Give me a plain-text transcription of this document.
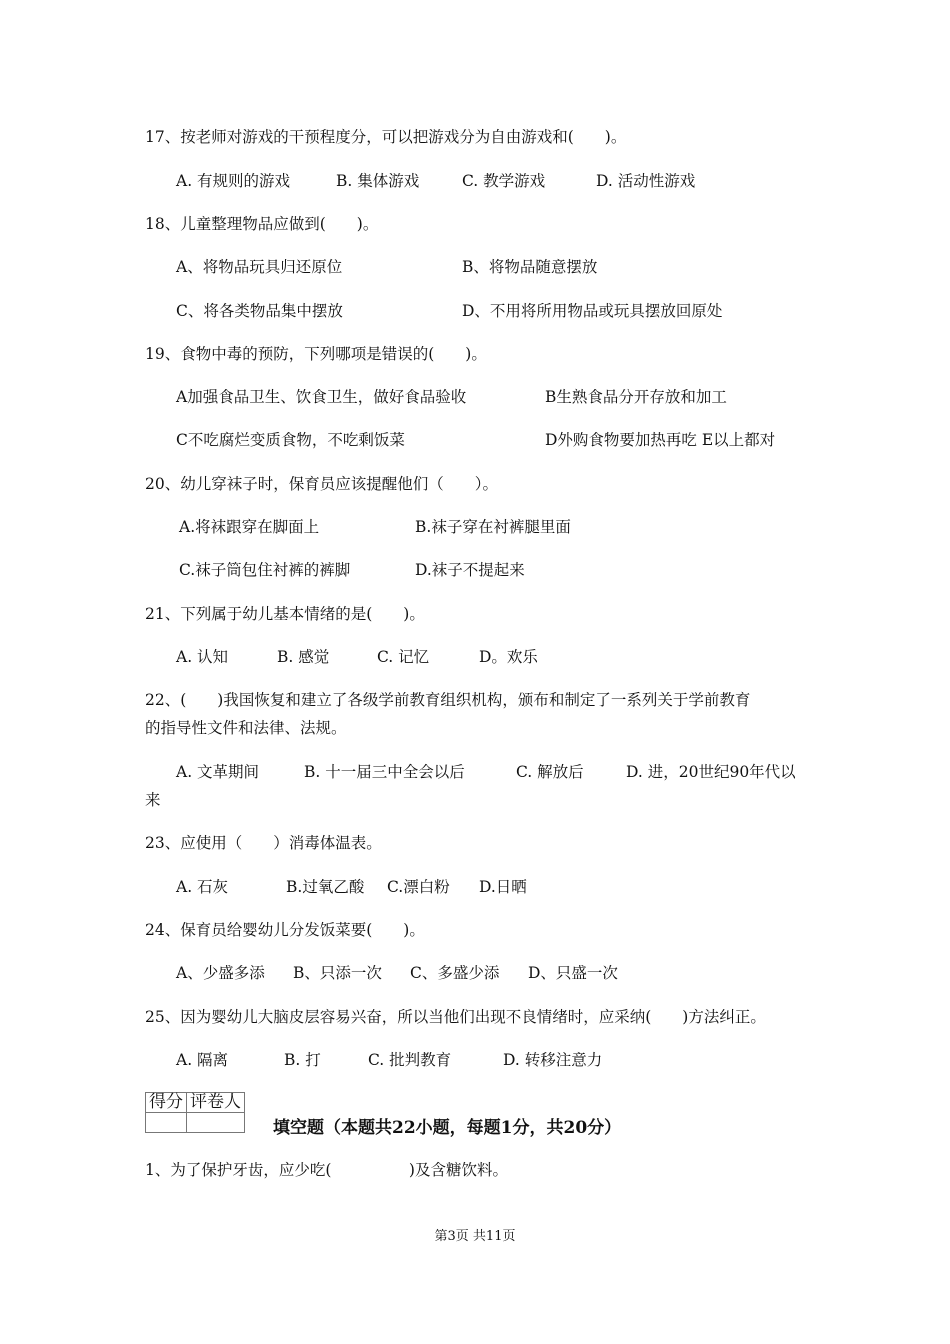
17、按老师对游戏的干预程度分，可以把游戏分为自由游戏和(　　)。
A. 有规则的游戏	B. 集体游戏	C. 教学游戏	D. 活动性游戏
18、儿童整理物品应做到(　　)。
A、将物品玩具归还原位	B、将物品随意摆放
C、将各类物品集中摆放	D、不用将所用物品或玩具摆放回原处
19、食物中毒的预防，下列哪项是错误的(　　)。
A加强食品卫生、饮食卫生，做好食品验收	B生熟食品分开存放和加工
C不吃腐烂变质食物，不吃剩饭菜	D外购食物要加热再吃 E以上都对
20、幼儿穿袜子时，保育员应该提醒他们（　　）。
A.将袜跟穿在脚面上	B.袜子穿在衬裤腿里面
C.袜子筒包住衬裤的裤脚	D.袜子不提起来
21、下列属于幼儿基本情绪的是(　　)。
A. 认知	B. 感觉	C. 记忆	D。欢乐
22、(　　)我国恢复和建立了各级学前教育组织机构，颁布和制定了一系列关于学前教育
的指导性文件和法律、法规。
A. 文革期间	B. 十一届三中全会以后	C. 解放后	D. 进，20世纪90年代以
来
23、应使用（　　）消毒体温表。
A. 石灰	B.过氧乙酸 C.漂白粉 D.日晒
24、保育员给婴幼儿分发饭菜要(　　)。
A、少盛多添 B、只添一次 C、多盛少添 D、只盛一次
25、因为婴幼儿大脑皮层容易兴奋，所以当他们出现不良情绪时，应采纳(　　)方法纠正。
A. 隔离	B. 打	C. 批判教育	D. 转移注意力
得分	评卷人

填空题（本题共22小题，每题1分，共20分）
1、为了保护牙齿，应少吃(　　　　　)及含糖饮料。
第3页 共11页
